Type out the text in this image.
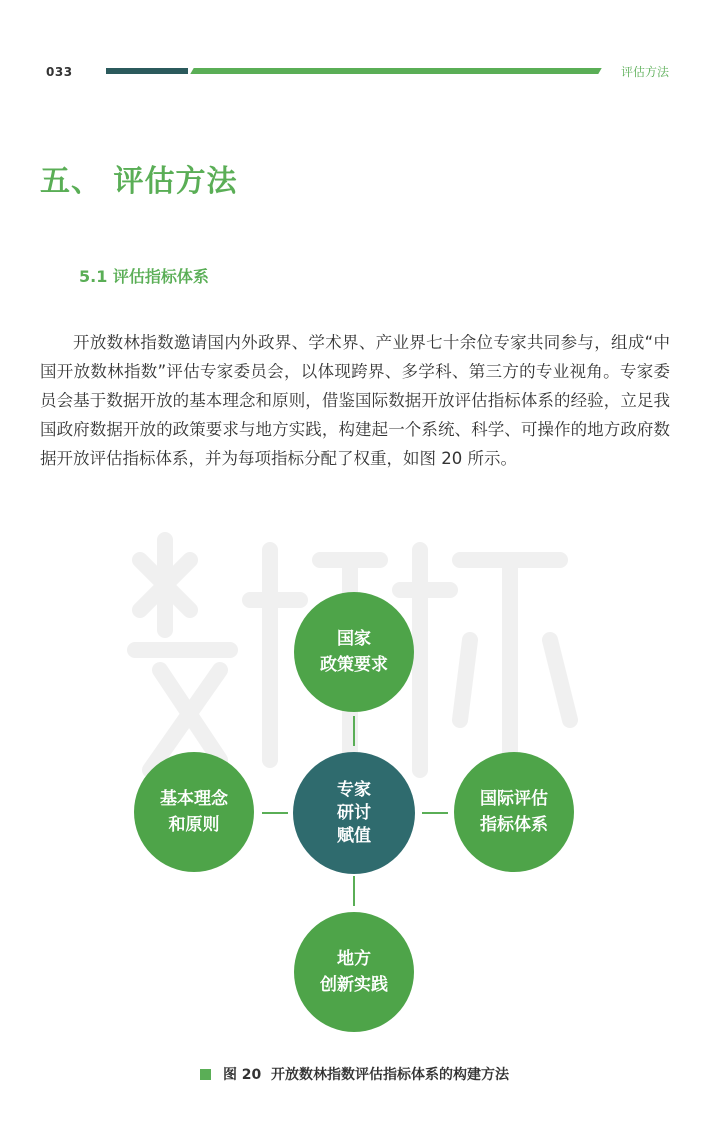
033	评估方法
五、 评估方法
5.1 评估指标体系
开放数林指数邀请国内外政界、学术界、产业界七十余位专家共同参与，组成“中国开放数林指数”评估专家委员会，以体现跨界、多学科、第三方的专业视角。专家委员会基于数据开放的基本理念和原则，借鉴国际数据开放评估指标体系的经验，立足我国政府数据开放的政策要求与地方实践，构建起一个系统、科学、可操作的地方政府数据开放评估指标体系，并为每项指标分配了权重，如图 20 所示。
国家
政策要求
基本理念
和原则
专家
研讨
赋值
国际评估
指标体系
地方
创新实践
图 20  开放数林指数评估指标体系的构建方法
